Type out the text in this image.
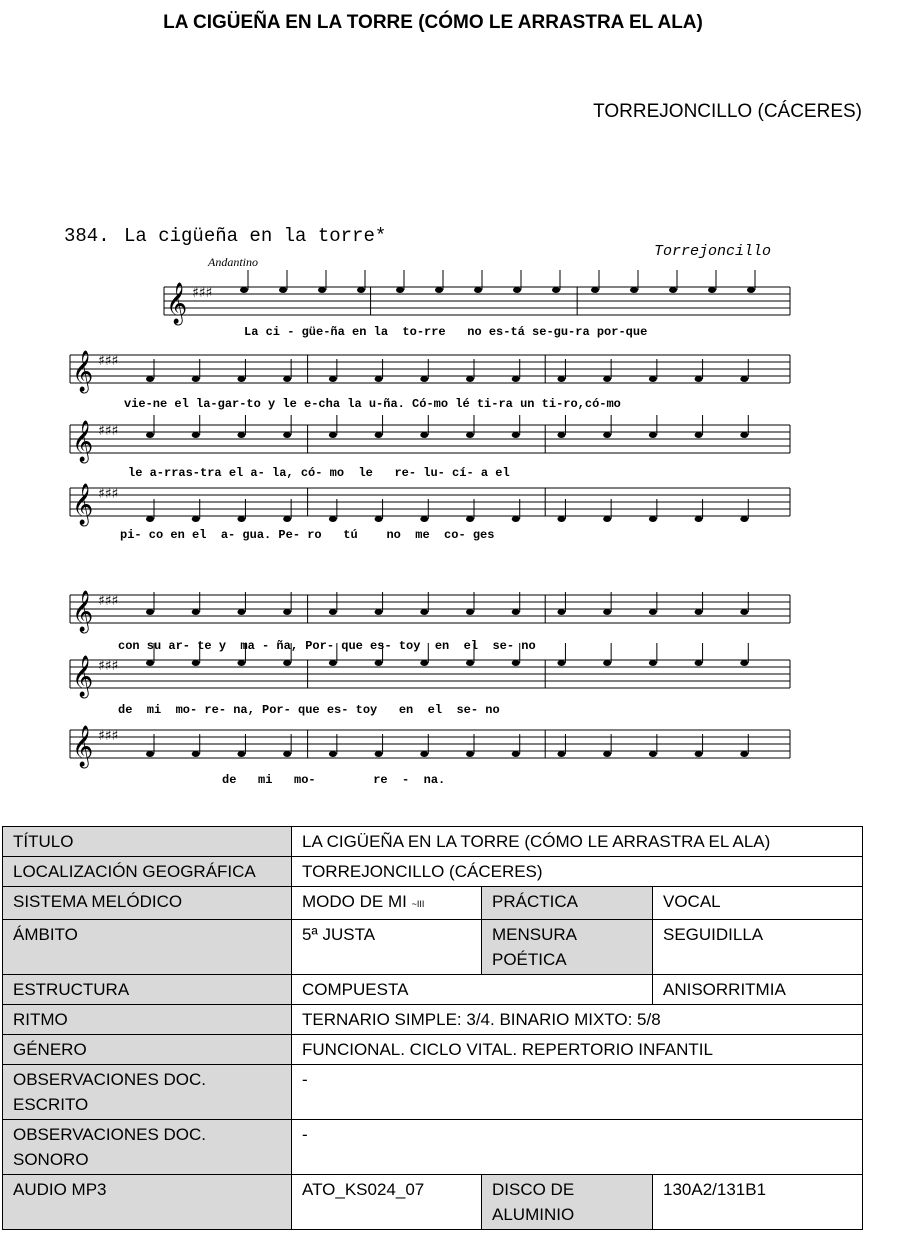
LA CIGÜEÑA EN LA TORRE (CÓMO LE ARRASTRA EL ALA)
TORREJONCILLO (CÁCERES)
384. La cigüeña en la torre*
Torrejoncillo
Andantino
𝄞 ♯♯♯
𝄞 ♯♯♯
𝄞 ♯♯♯
𝄞 ♯♯♯
𝄞 ♯♯♯
𝄞 ♯♯♯
𝄞 ♯♯♯
La ci - güe-ña en la  to-rre   no es-tá se-gu-ra por-que
vie-ne el la-gar-to y le e-cha la u-ña. Có-mo lé ti-ra un ti-ro,có-mo
le a-rras-tra el a- la, có- mo  le   re- lu- cí- a el
pi- co en el  a- gua. Pe- ro   tú    no  me  co- ges
con su ar- te y  ma - ña, Por- que es- toy  en  el  se- no
de  mi  mo- re- na, Por- que es- toy   en  el  se- no
de   mi   mo-        re  -  na.
TÍTULO	LA CIGÜEÑA EN LA TORRE (CÓMO LE ARRASTRA EL ALA)		
LOCALIZACIÓN GEOGRÁFICA	TORREJONCILLO (CÁCERES)		
SISTEMA MELÓDICO	MODO DE MI ~III	PRÁCTICA	VOCAL
ÁMBITO	5ª JUSTA	MENSURA POÉTICA	SEGUIDILLA
ESTRUCTURA	COMPUESTA		ANISORRITMIA
RITMO	TERNARIO SIMPLE: 3/4. BINARIO MIXTO: 5/8		
GÉNERO	FUNCIONAL. CICLO VITAL. REPERTORIO INFANTIL		
OBSERVACIONES DOC. ESCRITO	-		
OBSERVACIONES DOC. SONORO	-		
AUDIO MP3	ATO_KS024_07	DISCO DE ALUMINIO	130A2/131B1
